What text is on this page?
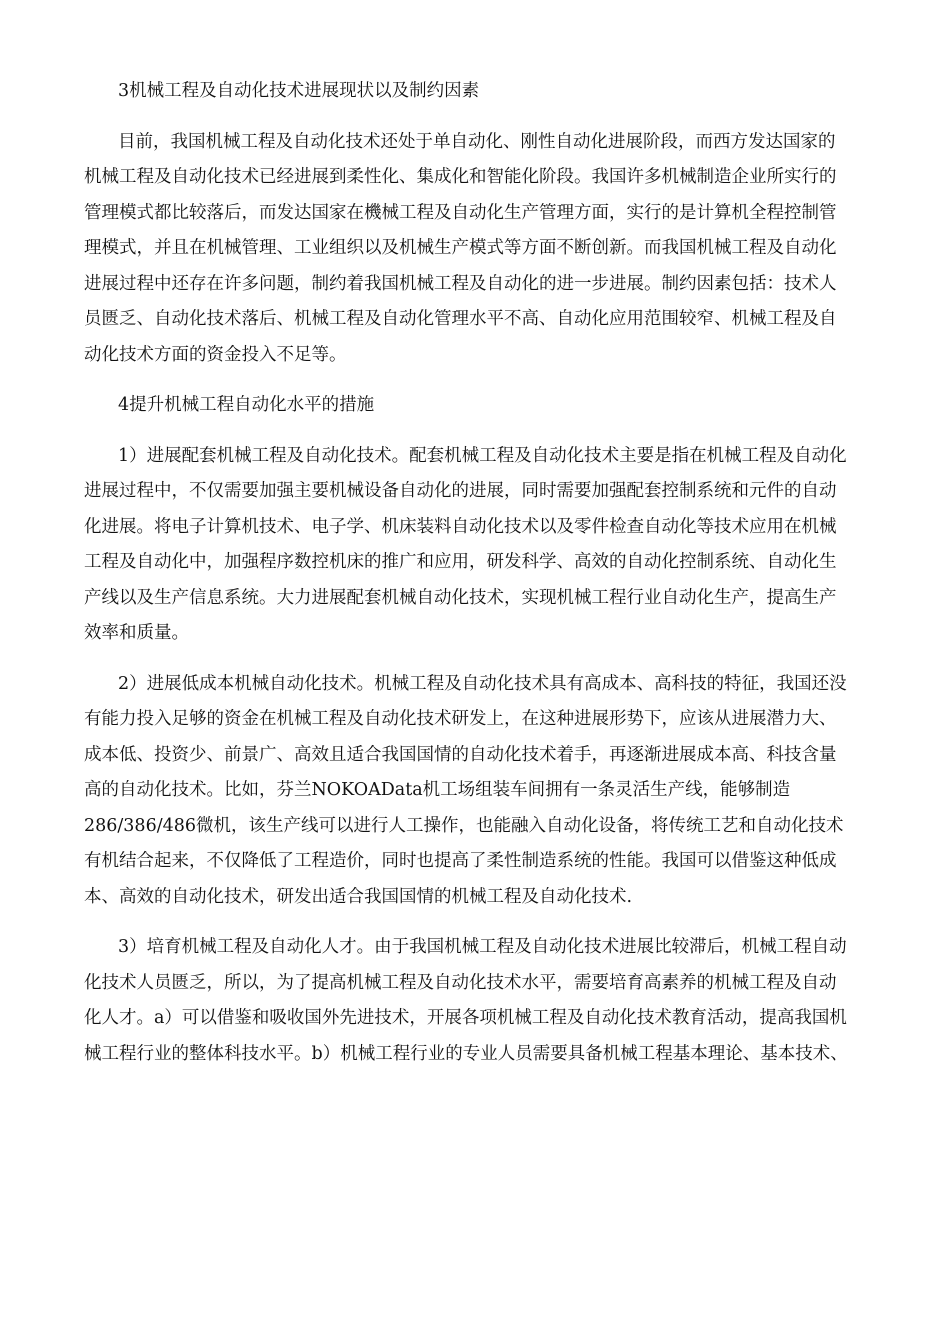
3机械工程及自动化技术进展现状以及制约因素

目前，我国机械工程及自动化技术还处于单自动化、刚性自动化进展阶段，而西方发达国家的
机械工程及自动化技术已经进展到柔性化、集成化和智能化阶段。我国许多机械制造企业所实行的
管理模式都比较落后，而发达国家在機械工程及自动化生产管理方面，实行的是计算机全程控制管
理模式，并且在机械管理、工业组织以及机械生产模式等方面不断创新。而我国机械工程及自动化
进展过程中还存在许多问题，制约着我国机械工程及自动化的进一步进展。制约因素包括：技术人
员匮乏、自动化技术落后、机械工程及自动化管理水平不高、自动化应用范围较窄、机械工程及自
动化技术方面的资金投入不足等。

4提升机械工程自动化水平的措施

1）进展配套机械工程及自动化技术。配套机械工程及自动化技术主要是指在机械工程及自动化
进展过程中，不仅需要加强主要机械设备自动化的进展，同时需要加强配套控制系统和元件的自动
化进展。将电子计算机技术、电子学、机床装料自动化技术以及零件检查自动化等技术应用在机械
工程及自动化中，加强程序数控机床的推广和应用，研发科学、高效的自动化控制系统、自动化生
产线以及生产信息系统。大力进展配套机械自动化技术，实现机械工程行业自动化生产，提高生产
效率和质量。

2）进展低成本机械自动化技术。机械工程及自动化技术具有高成本、高科技的特征，我国还没
有能力投入足够的资金在机械工程及自动化技术研发上，在这种进展形势下，应该从进展潜力大、
成本低、投资少、前景广、高效且适合我国国情的自动化技术着手，再逐渐进展成本高、科技含量
高的自动化技术。比如，芬兰NOKOAData机工场组装车间拥有一条灵活生产线，能够制造
286/386/486微机，该生产线可以进行人工操作，也能融入自动化设备，将传统工艺和自动化技术
有机结合起来，不仅降低了工程造价，同时也提高了柔性制造系统的性能。我国可以借鉴这种低成
本、高效的自动化技术，研发出适合我国国情的机械工程及自动化技术.

3）培育机械工程及自动化人才。由于我国机械工程及自动化技术进展比较滞后，机械工程自动
化技术人员匮乏，所以，为了提高机械工程及自动化技术水平，需要培育高素养的机械工程及自动
化人才。a）可以借鉴和吸收国外先进技术，开展各项机械工程及自动化技术教育活动，提高我国机
械工程行业的整体科技水平。b）机械工程行业的专业人员需要具备机械工程基本理论、基本技术、
